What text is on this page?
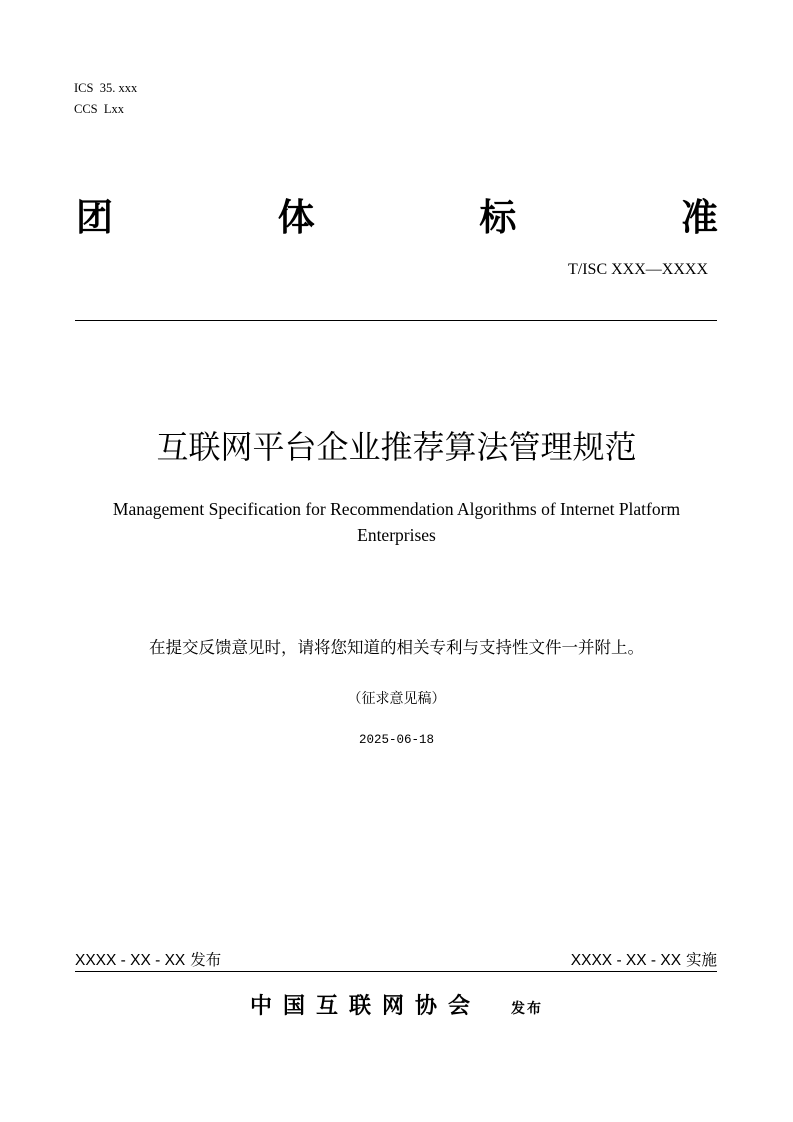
ICS  35. xxx
CCS  Lxx
团	体	标	准
T/ISC XXX—XXXX
互联网平台企业推荐算法管理规范
Management Specification for Recommendation Algorithms of Internet Platform
Enterprises
在提交反馈意见时，请将您知道的相关专利与支持性文件一并附上。
（征求意见稿）
2025-06-18
XXXX - XX - XX 发布	XXXX - XX - XX 实施
中国互联网协会 发布
